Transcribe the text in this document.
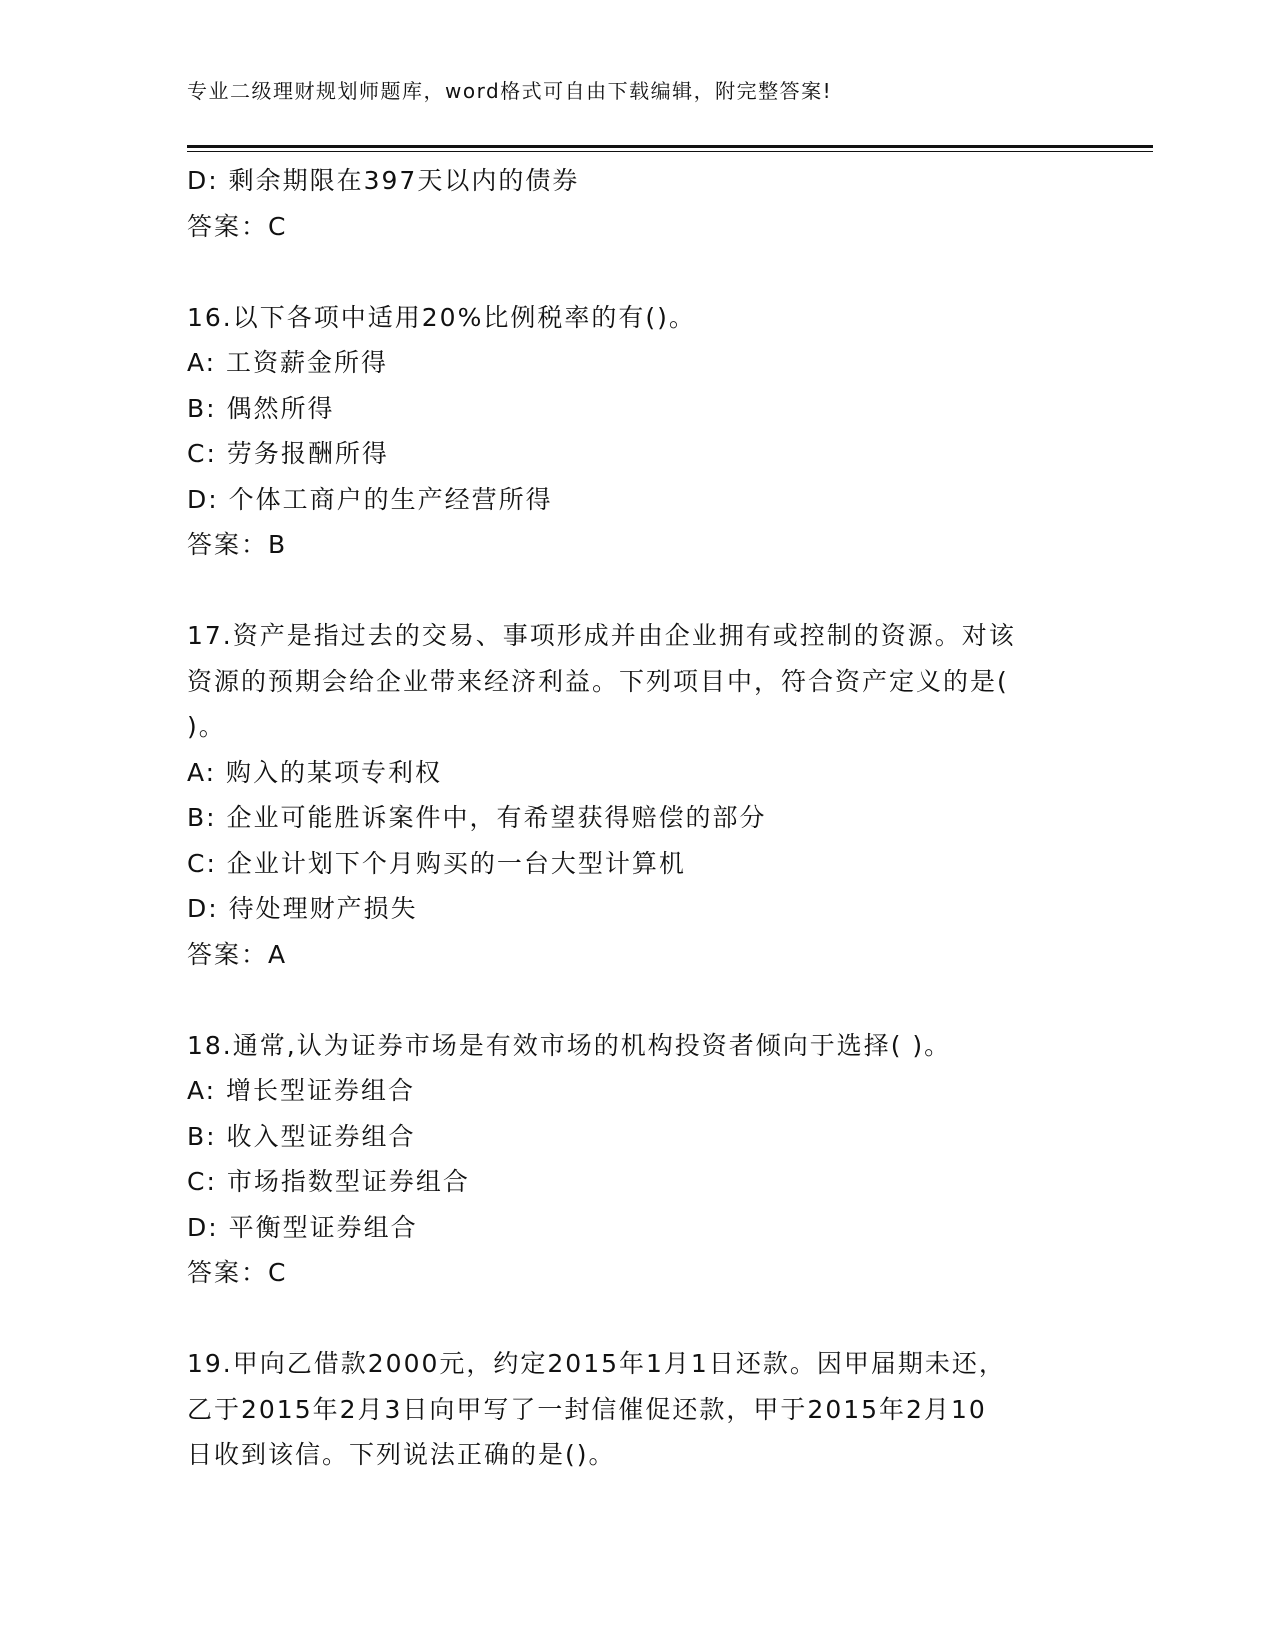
专业二级理财规划师题库，word格式可自由下载编辑，附完整答案!
D: 剩余期限在397天以内的债券
答案：C
16.以下各项中适用20%比例税率的有()。
A: 工资薪金所得
B: 偶然所得
C: 劳务报酬所得
D: 个体工商户的生产经营所得
答案：B
17.资产是指过去的交易、事项形成并由企业拥有或控制的资源。对该
资源的预期会给企业带来经济利益。下列项目中，符合资产定义的是(
)。
A: 购入的某项专利权
B: 企业可能胜诉案件中，有希望获得赔偿的部分
C: 企业计划下个月购买的一台大型计算机
D: 待处理财产损失
答案：A
18.通常,认为证券市场是有效市场的机构投资者倾向于选择( )。
A: 增长型证券组合
B: 收入型证券组合
C: 市场指数型证券组合
D: 平衡型证券组合
答案：C
19.甲向乙借款2000元，约定2015年1月1日还款。因甲届期未还，
乙于2015年2月3日向甲写了一封信催促还款，甲于2015年2月10
日收到该信。下列说法正确的是()。
